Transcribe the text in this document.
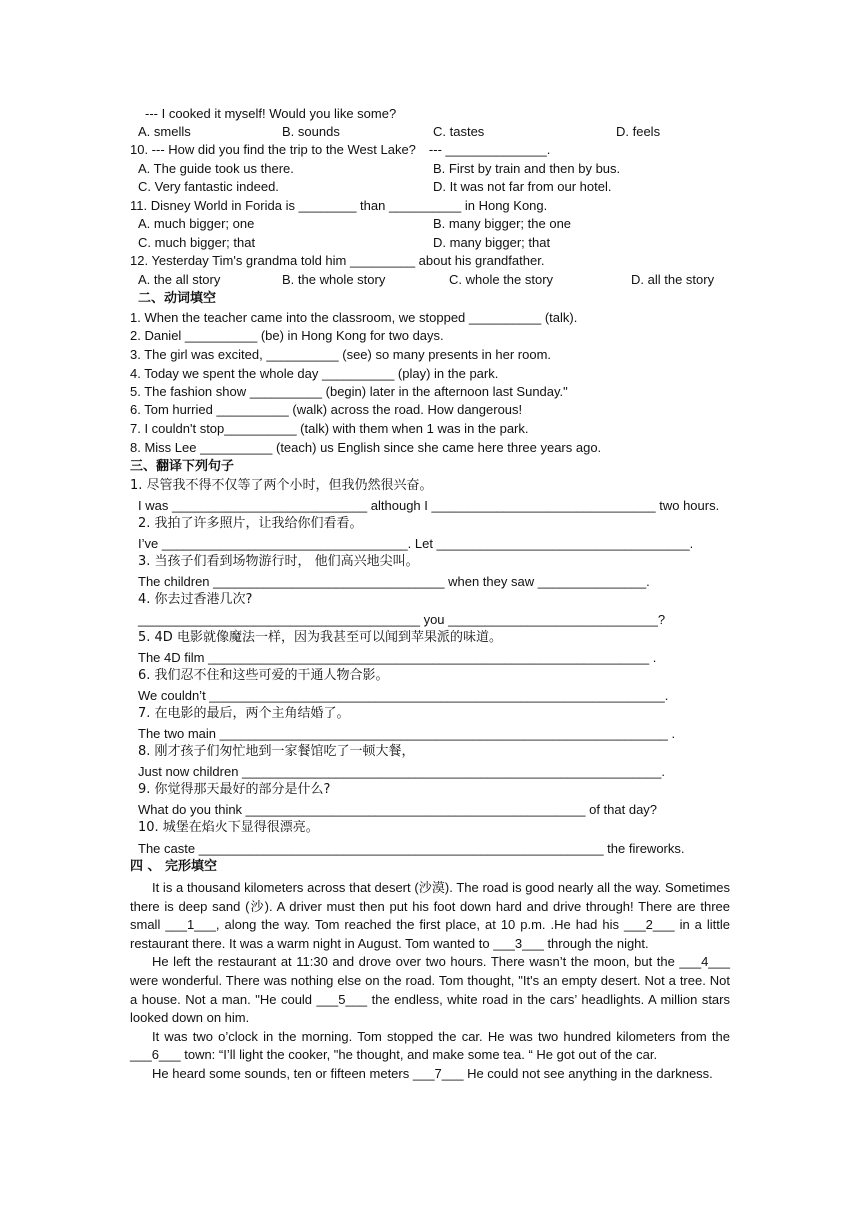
--- I cooked it myself! Would you like some?
A. smells	B. sounds	C. tastes	D. feels
10. --- How did you find the trip to the West Lake?　--- ______________.
A. The guide took us there.	B. First by train and then by bus.
C. Very fantastic indeed.	D. It was not far from our hotel.
11. Disney World in Forida is ________ than __________ in Hong Kong.
A. much bigger; one	B. many bigger; the one
C. much bigger; that	D. many bigger; that
12. Yesterday Tim's grandma told him _________ about his grandfather.
A. the all story	B. the whole story	C. whole the story	D. all the story
二、动词填空
1. When the teacher came into the classroom, we stopped __________ (talk).
2. Daniel __________ (be) in Hong Kong for two days.
3. The girl was excited, __________ (see) so many presents in her room.
4. Today we spent the whole day __________ (play) in the park.
5. The fashion show __________ (begin) later in the afternoon last Sunday."
6. Tom hurried __________ (walk) across the road. How dangerous!
7. I couldn't stop__________ (talk) with them when 1 was in the park.
8. Miss Lee __________ (teach) us English since she came here three years ago.
三、翻译下列句子
1. 尽管我不得不仅等了两个小时，但我仍然很兴奋。
I was ___________________________ although I _______________________________ two hours.
2. 我拍了许多照片，让我给你们看看。
I’ve __________________________________. Let ___________________________________.
3. 当孩子们看到场物游行时， 他们高兴地尖叫。
The children ________________________________ when they saw _______________.
4. 你去过香港几次?
_______________________________________ you _____________________________?
5. 4D 电影就像魔法一样，因为我甚至可以闻到苹果派的味道。
The 4D film _____________________________________________________________ .
6. 我们忍不住和这些可爱的干通人物合影。
We couldn’t _______________________________________________________________.
7. 在电影的最后，两个主角结婚了。
The two main ______________________________________________________________ .
8. 刚才孩子们匆忙地到一家餐馆吃了一顿大餐，
Just now children __________________________________________________________.
9. 你觉得那天最好的部分是什么?
What do you think _______________________________________________ of that day?
10. 城堡在焰火下显得很漂亮。
The caste ________________________________________________________ the fireworks.
四 、 完形填空

It is a thousand kilometers across that desert (沙漠). The road is good nearly all the way. Sometimes there is deep sand (沙). A driver must then put his foot down hard and drive through! There are three small ___1___, along the way. Tom reached the first place, at 10 p.m. .He had his ___2___ in a little restaurant there. It was a warm night in August. Tom wanted to ___3___ through the night.

He left the restaurant at 11:30 and drove over two hours. There wasn’t the moon, but the ___4___ were wonderful. There was nothing else on the road. Tom thought, "It's an empty desert. Not a tree. Not a house. Not a man. "He could ___5___ the endless, white road in the cars’ headlights. A million stars looked down on him.

It was two o’clock in the morning. Tom stopped the car. He was two hundred kilometers from the ___6___ town: “I’ll light the cooker, "he thought, and make some tea. “ He got out of the car.

He heard some sounds, ten or fifteen meters ___7___ He could not see anything in the darkness.
